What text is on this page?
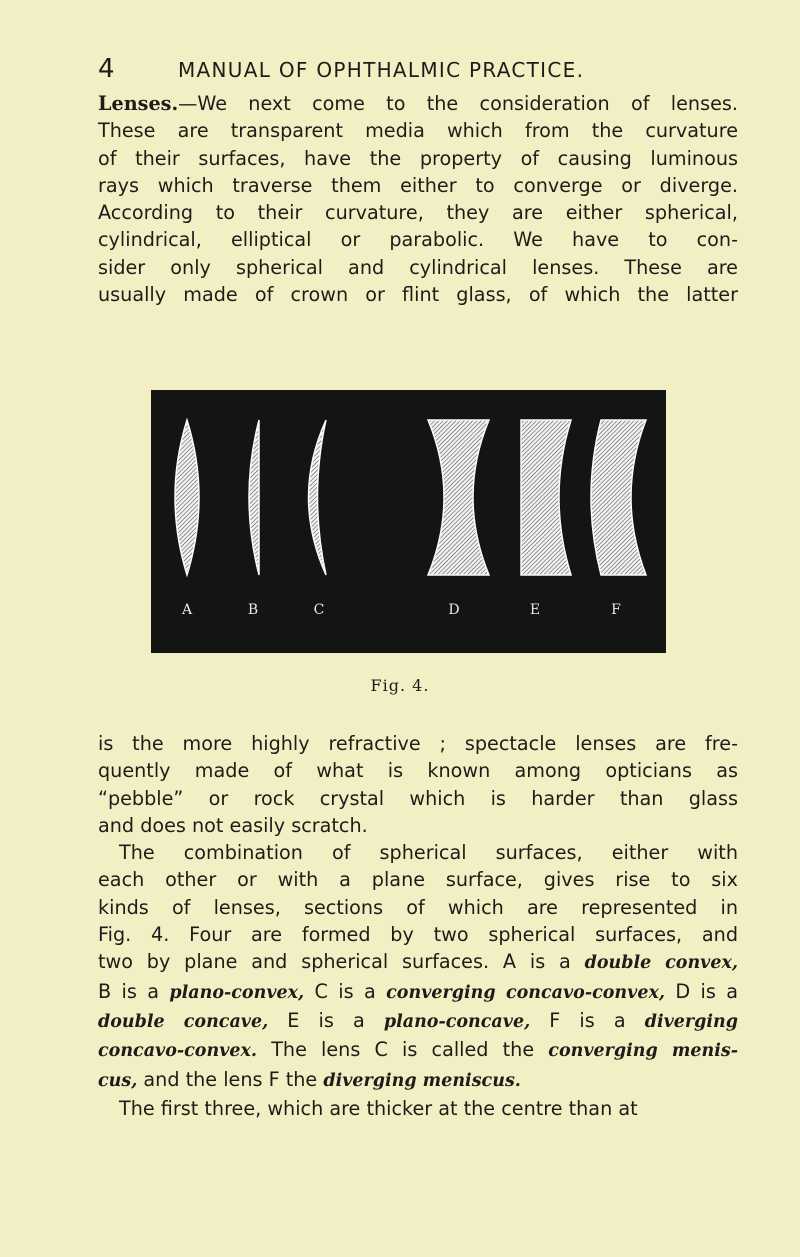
4	MANUAL OF OPHTHALMIC PRACTICE.

Lenses.—We next come to the consideration of lenses.

These are transparent media which from the curvature

of their surfaces, have the property of causing luminous

rays which traverse them either to converge or diverge.

According to their curvature, they are either spherical,

cylindrical, elliptical or parabolic. We have to con-

sider only spherical and cylindrical lenses. These are

usually made of crown or flint glass, of which the latter

A	B	C	D	E	F
Fig. 4.

is the more highly refractive ; spectacle lenses are fre-

quently made of what is known among opticians as

“pebble” or rock crystal which is harder than glass

and does not easily scratch.

The combination of spherical surfaces, either with

each other or with a plane surface, gives rise to six

kinds of lenses, sections of which are represented in

Fig. 4. Four are formed by two spherical surfaces, and

two by plane and spherical surfaces. A is a double convex,

B is a plano-convex, C is a converging concavo-convex, D is a

double concave, E is a plano-concave, F is a diverging

concavo-convex. The lens C is called the converging menis-

cus, and the lens F the diverging meniscus.

The first three, which are thicker at the centre than at
